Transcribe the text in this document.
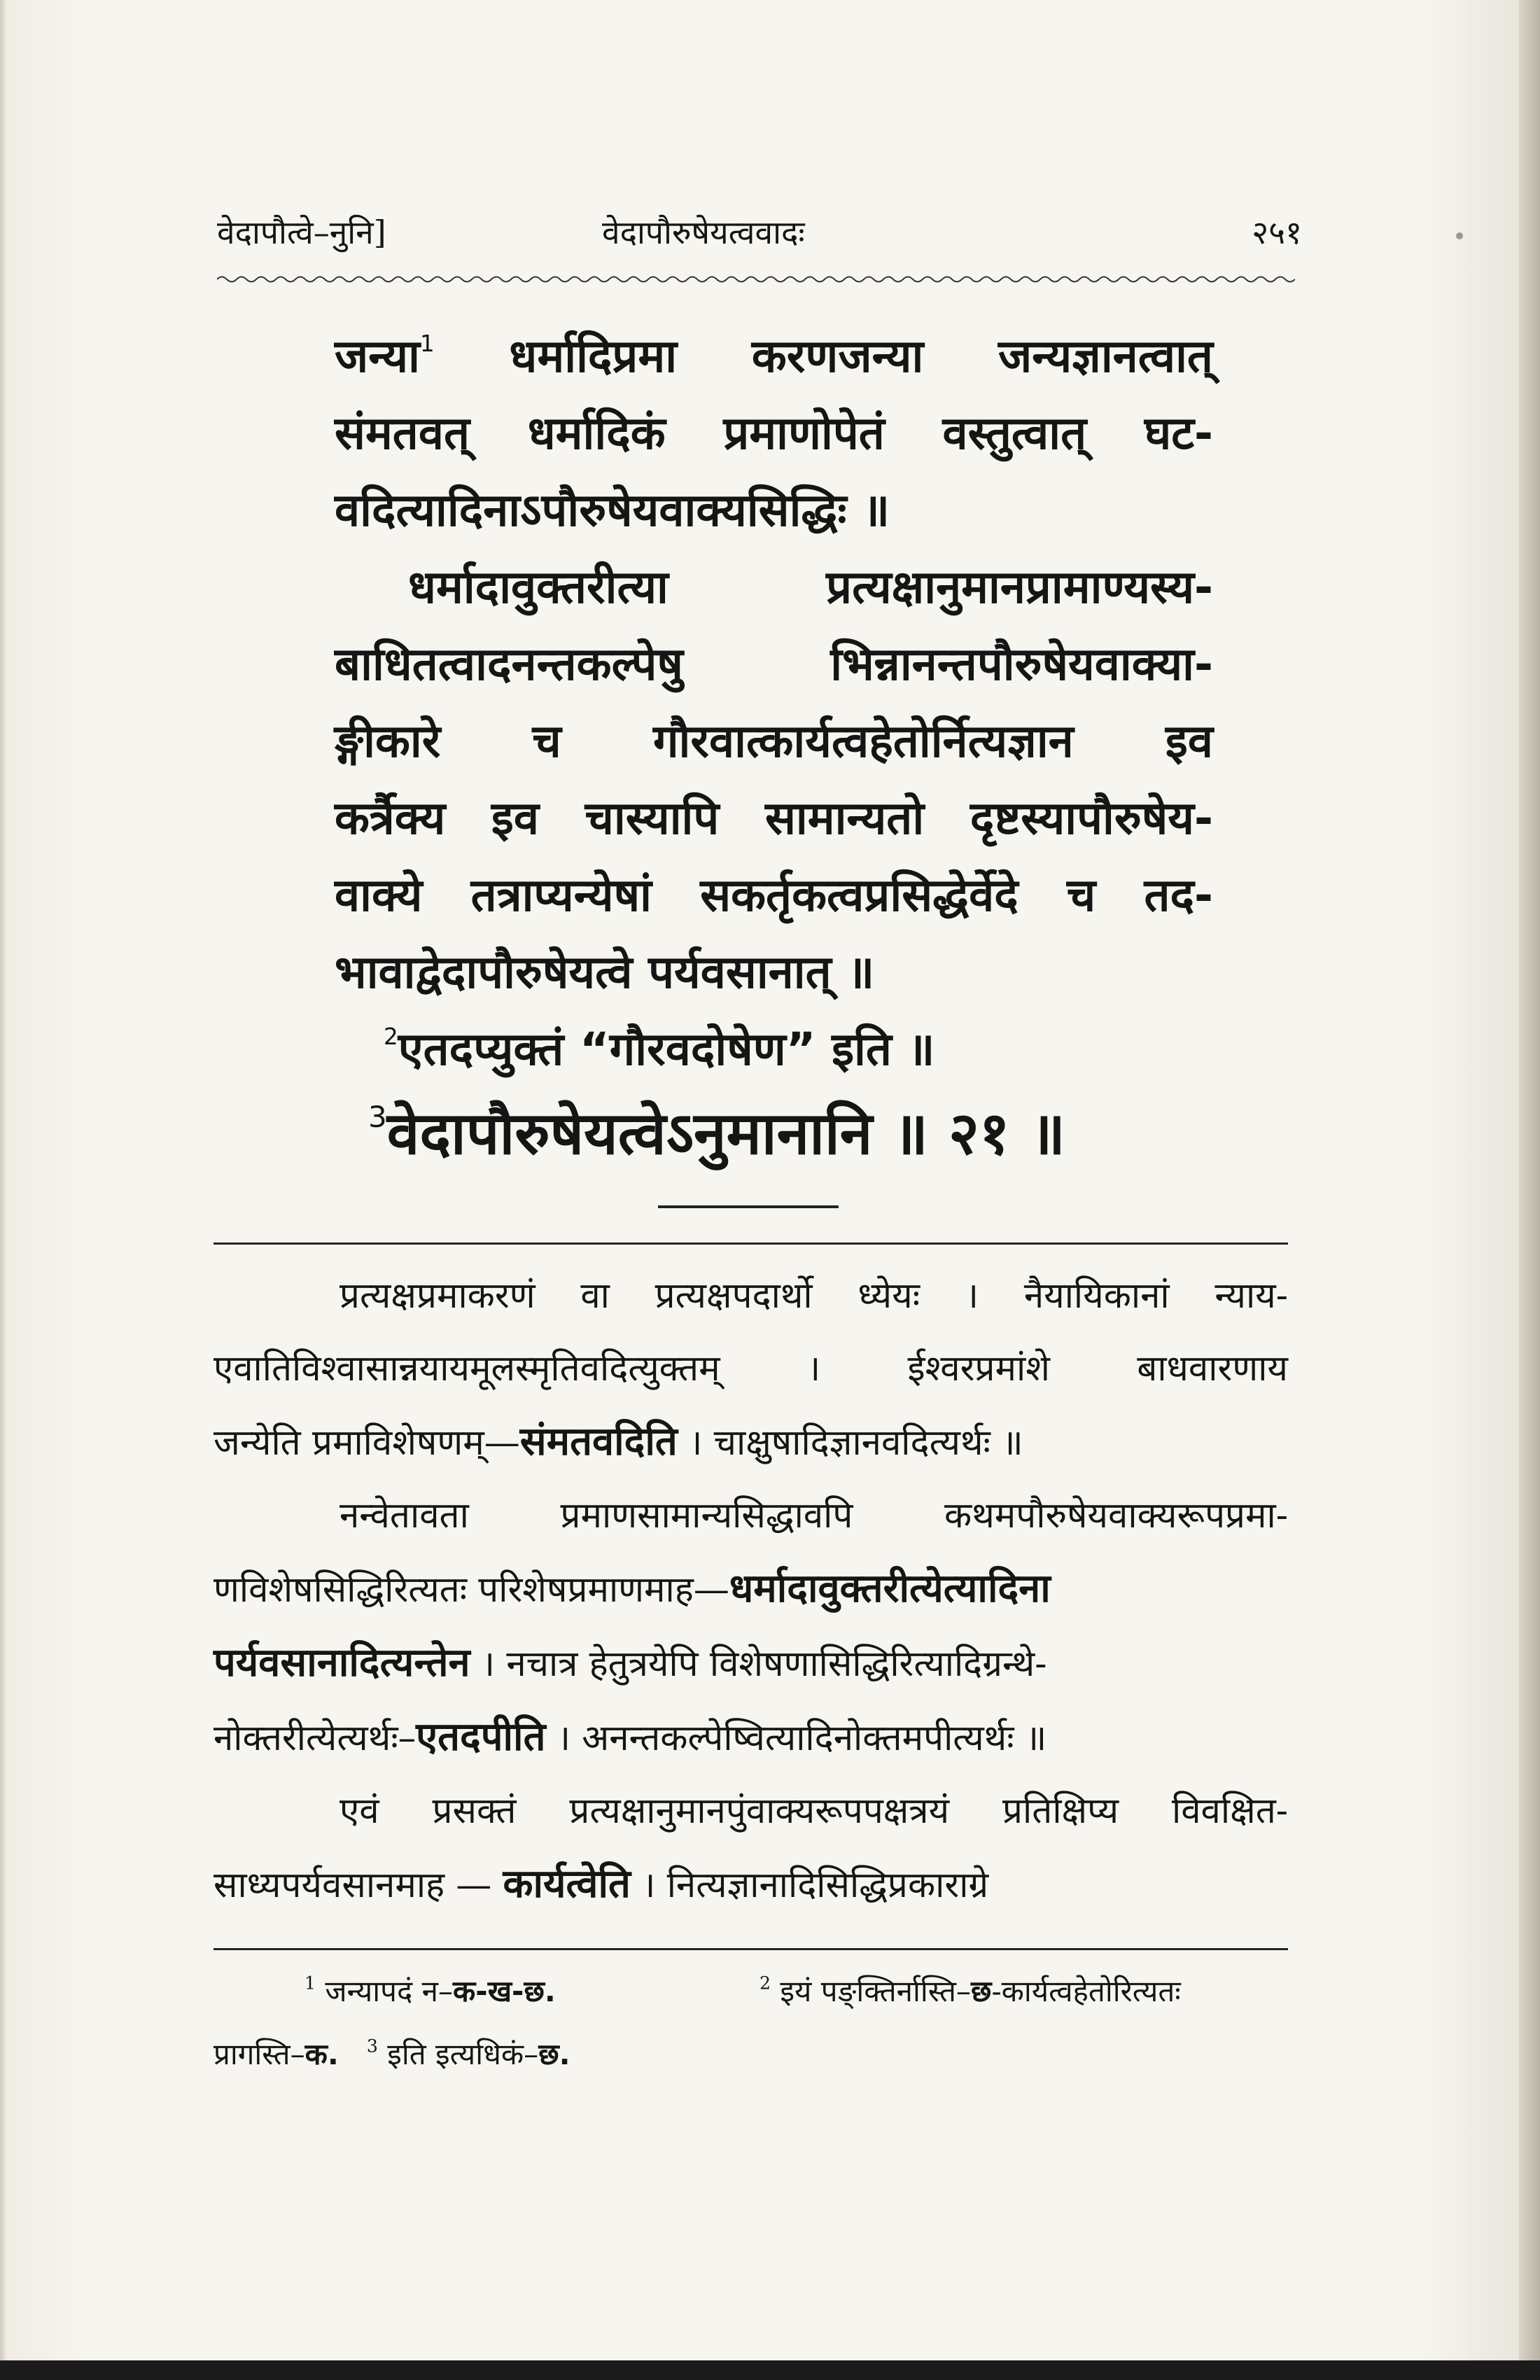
वेदापौत्वे–नुनि]	वेदापौरुषेयत्ववादः	२५१
जन्या$^1$ धर्मादिप्रमा करणजन्या जन्यज्ञानत्वात्
संमतवत् धर्मादिकं प्रमाणोपेतं वस्तुत्वात् घट-
वदित्यादिनाऽपौरुषेयवाक्यसिद्धिः ॥
धर्मादावुक्तरीत्या प्रत्यक्षानुमानप्रामाण्यस्य-
बाधितत्वादनन्तकल्पेषु भिन्नानन्तपौरुषेयवाक्या-
ङ्गीकारे च गौरवात्कार्यत्वहेतोर्नित्यज्ञान इव
कर्त्रैक्य इव चास्यापि सामान्यतो दृष्टस्यापौरुषेय-
वाक्ये तत्राप्यन्येषां सकर्तृकत्वप्रसिद्धेर्वेदे च तद-
भावाद्वेदापौरुषेयत्वे पर्यवसानात् ॥
$^2$एतदप्युक्तं “गौरवदोषेण” इति ॥
$^3$वेदापौरुषेयत्वेऽनुमानानि ॥ २१ ॥
प्रत्यक्षप्रमाकरणं वा प्रत्यक्षपदार्थो ध्येयः । नैयायिकानां न्याय-
एवातिविश्वासान्नयायमूलस्मृतिवदित्युक्तम् । ईश्वरप्रमांशे बाधवारणाय
जन्येति प्रमाविशेषणम्—संमतवदिति । चाक्षुषादिज्ञानवदित्यर्थः ॥
नन्वेतावता प्रमाणसामान्यसिद्धावपि कथमपौरुषेयवाक्यरूपप्रमा-
णविशेषसिद्धिरित्यतः परिशेषप्रमाणमाह—धर्मादावुक्तरीत्येत्यादिना
पर्यवसानादित्यन्तेन । नचात्र हेतुत्रयेपि विशेषणासिद्धिरित्यादिग्रन्थे-
नोक्तरीत्येत्यर्थः–एतदपीति । अनन्तकल्पेष्वित्यादिनोक्तमपीत्यर्थः ॥
एवं प्रसक्तं प्रत्यक्षानुमानपुंवाक्यरूपपक्षत्रयं प्रतिक्षिप्य विवक्षित-
साध्यपर्यवसानमाह — कार्यत्वेति । नित्यज्ञानादिसिद्धिप्रकाराग्रे
$^1$ जन्यापदं न–क-ख-छ.	$^2$ इयं पङ्क्तिर्नास्ति–छ-कार्यत्वहेतोरित्यतः
प्रागस्ति–क. $^3$ इति इत्यधिकं–छ.
